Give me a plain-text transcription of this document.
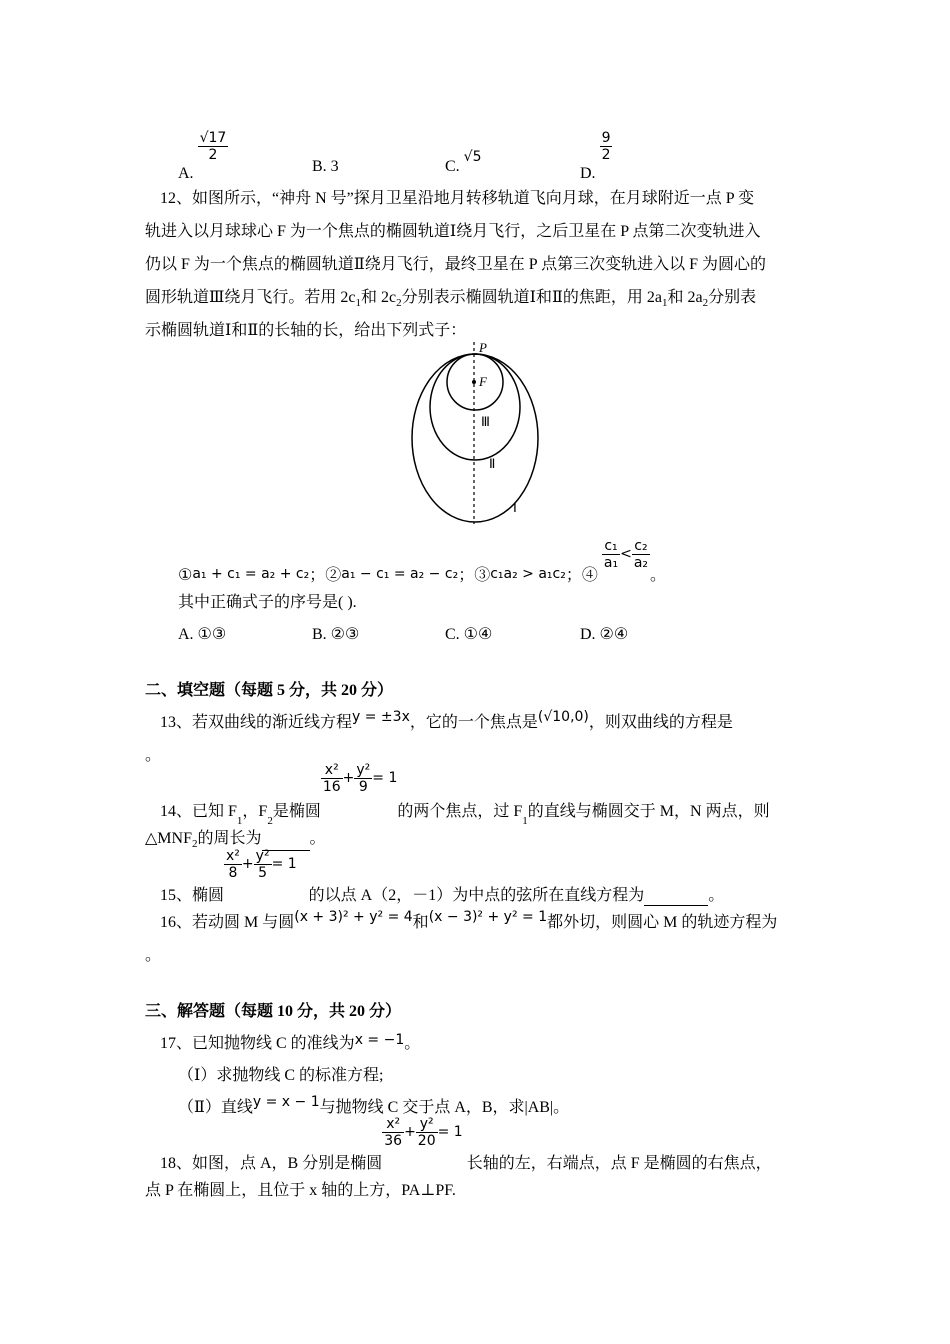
A.
$\frac{√17}{2}$
B. 3	C. √5
D.
$\frac{9}{2}$
12、如图所示，“神舟 N 号”探月卫星沿地月转移轨道飞向月球，在月球附近一点 P 变
轨进入以月球球心 F 为一个焦点的椭圆轨道Ⅰ绕月飞行，之后卫星在 P 点第二次变轨进入
仍以 F 为一个焦点的椭圆轨道Ⅱ绕月飞行，最终卫星在 P 点第三次变轨进入以 F 为圆心的
圆形轨道Ⅲ绕月飞行。若用 $2c_1$和 $2c_2$分别表示椭圆轨道Ⅰ和Ⅱ的焦距，用 $2a_1$和 $2a_2$分别表
示椭圆轨道Ⅰ和Ⅱ的长轴的长，给出下列式子：
P
F
Ⅲ
Ⅱ
Ⅰ
①a₁ + c₁ = a₂ + c₂；②a₁ − c₁ = a₂ − c₂；③c₁a₂ > a₁c₂；④
$\frac{\text{c₁}}{\text{a₁}} < \frac{\text{c₂}}{\text{a₂}}$
。
其中正确式子的序号是( ).
A. ①③	B. ②③	C. ①④	D. ②④
二、填空题（每题 5 分，共 20 分）
13、若双曲线的渐近线方程y = ±3x，它的一个焦点是(√10,0)，则双曲线的方程是
。
14、已知 $F_1$，$F_2$是椭圆
$\frac{\text{x²}}{16} + \frac{\text{y²}}{9} = 1$的两个焦点，过 $F_1$的直线与椭圆交于 M，N 两点，则
$\triangle MNF_2$的周长为	。
15、椭圆
$\frac{\text{x²}}{8} + \frac{\text{y²}}{5} = 1$的以点 A（2，－1）为中点的弦所在直线方程为	。
16、若动圆 M 与圆(x + 3)² + y² = 4和(x − 3)² + y² = 1都外切，则圆心 M 的轨迹方程为
。
三、解答题（每题 10 分，共 20 分）
17、已知抛物线 C 的准线为x = −1。
（Ⅰ）求抛物线 C 的标准方程;
（Ⅱ）直线y = x − 1与抛物线 C 交于点 A，B，求|AB|。
18、如图，点 A，B 分别是椭圆
$\frac{\text{x²}}{36} + \frac{\text{y²}}{20} = 1$长轴的左，右端点，点 F 是椭圆的右焦点，
点 P 在椭圆上，且位于 x 轴的上方，PA⊥PF.
